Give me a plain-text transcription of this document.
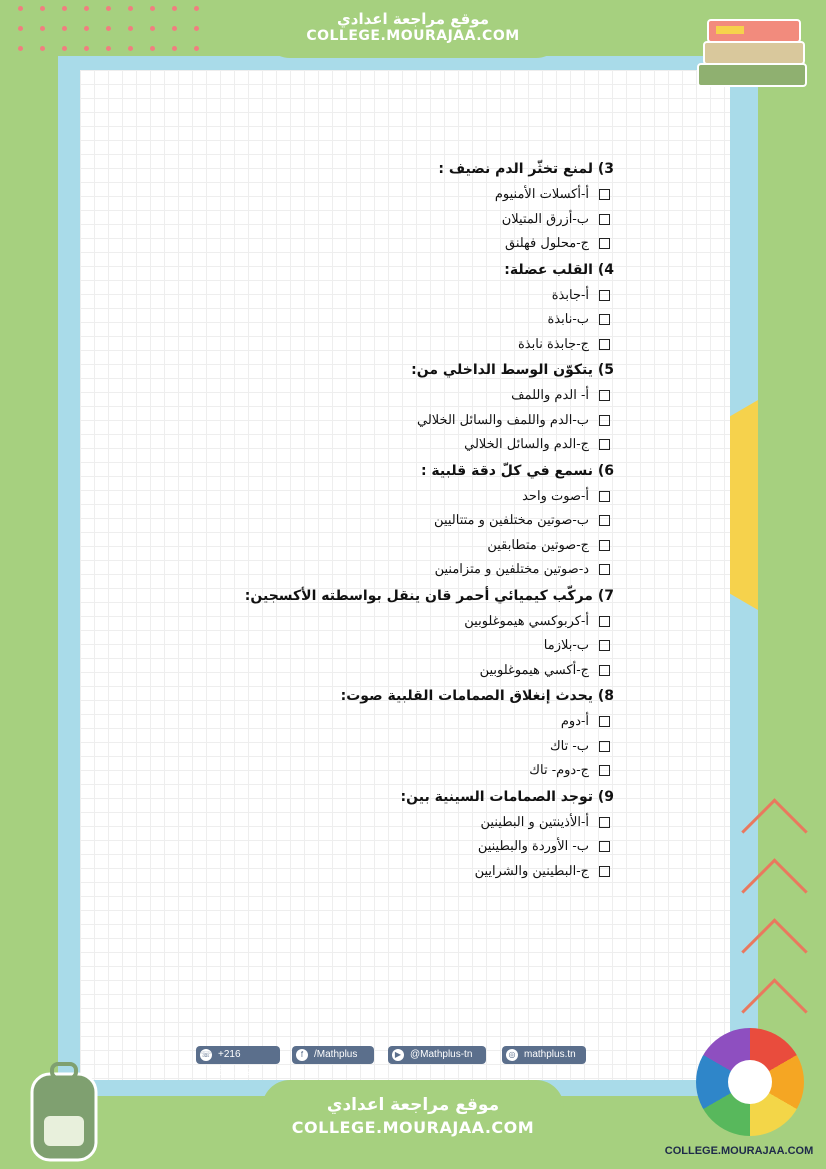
موقع مراجعة اعدادي
COLLEGE.MOURAJAA.COM
3) لمنع تخثّر الدم نضيف :
أ-أكسلات الأمنيوم
ب-أزرق المتيلان
ج-محلول فهلنق
4) القلب عضلة:
أ-جابذة
ب-نابذة
ج-جابذة نابذة
5) يتكوّن الوسط الداخلي من:
أ- الدم واللمف
ب-الدم واللمف والسائل الخلالي
ج-الدم والسائل الخلالي
6) نسمع في كلّ دقة قلبية :
أ-صوت واحد
ب-صوتين مختلفين و متتاليين
ج-صوتين متطابقين
د-صوتين مختلفين و متزامنين
7) مركّب كيميائي أحمر قان ينقل بواسطته الأكسجين:
أ-كربوكسي هيموغلوبين
ب-بلازما
ج-أكسي هيموغلوبين
8) يحدث إنغلاق الصمامات القلبية صوت:
أ-دوم
ب- تاك
ج-دوم- تاك
9) توجد الصمامات السينية بين:
أ-الأذينتين و البطينين
ب- الأوردة والبطينين
ج-البطينين والشرايين
☏ +216 52361249
f	/Mathplus	▶ @Mathplus-tn	◎ mathplus.tn
موقع مراجعة اعدادي
COLLEGE.MOURAJAA.COM
COLLEGE.MOURAJAA.COM
